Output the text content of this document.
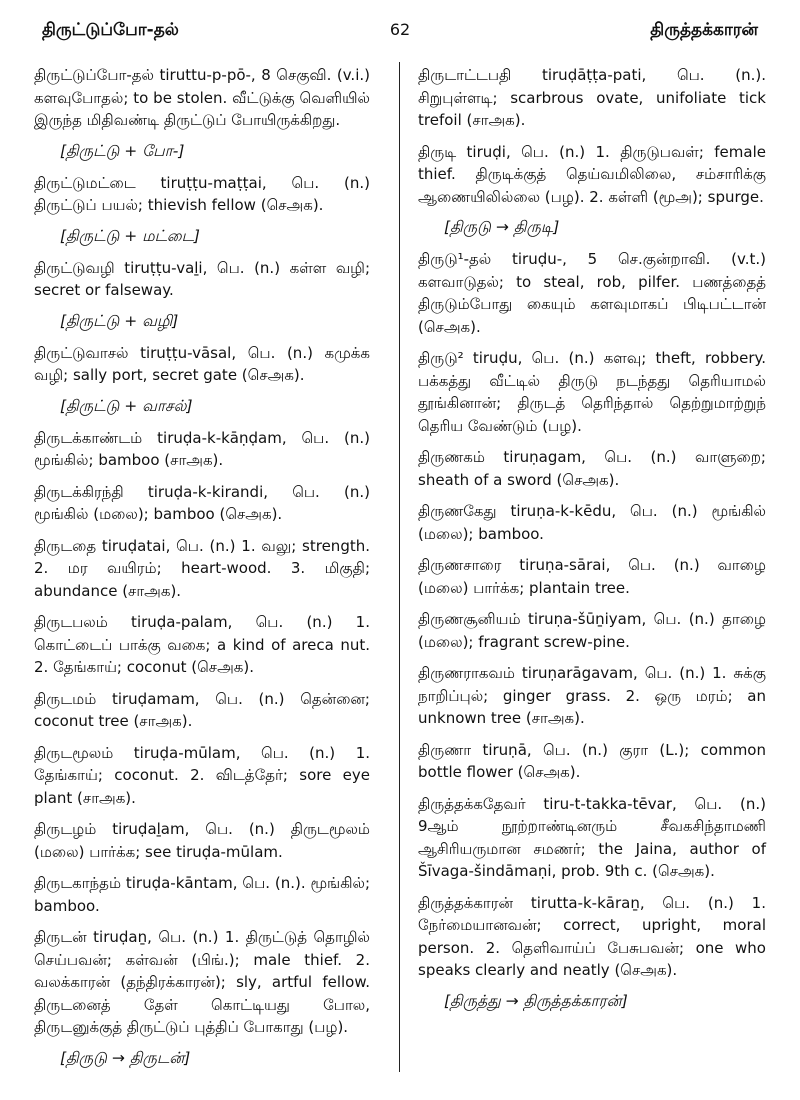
திருட்டுப்போ-தல்	62	திருத்தக்காரன்
திருட்டுப்போ-தல் tiruttu-p-pō-, 8 செகுவி. (v.i.) களவுபோதல்; to be stolen. வீட்டுக்கு வெளியில் இருந்த மிதிவண்டி திருட்டுப் போயிருக்கிறது.
[திருட்டு + போ-]
திருட்டுமட்டை tiruṭṭu-maṭṭai, பெ. (n.) திருட்டுப் பயல்; thievish fellow (செஅக).
[திருட்டு + மட்டை]
திருட்டுவழி tiruṭṭu-vaḻi, பெ. (n.) கள்ள வழி; secret or falseway.
[திருட்டு + வழி]
திருட்டுவாசல் tiruṭṭu-vāsal, பெ. (n.) கமுக்க வழி; sally port, secret gate (செஅக).
[திருட்டு + வாசல்]
திருடக்காண்டம் tiruḍa-k-kāṇḍam, பெ. (n.) மூங்கில்; bamboo (சாஅக).
திருடக்கிரந்தி tiruḍa-k-kirandi, பெ. (n.) மூங்கில் (மலை); bamboo (செஅக).
திருடதை tiruḍatai, பெ. (n.) 1. வலு; strength. 2. மர வயிரம்; heart-wood. 3. மிகுதி; abundance (சாஅக).
திருடபலம் tiruḍa-palam, பெ. (n.) 1. கொட்டைப் பாக்கு வகை; a kind of areca nut. 2. தேங்காய்; coconut (செஅக).
திருடமம் tiruḍamam, பெ. (n.) தென்னை; coconut tree (சாஅக).
திருடமூலம் tiruḍa-mūlam, பெ. (n.) 1. தேங்காய்; coconut. 2. விடத்தேர்; sore eye plant (சாஅக).
திருடழம் tiruḍaḻam, பெ. (n.) திருடமூலம் (மலை) பார்க்க; see tiruḍa-mūlam.
திருடகாந்தம் tiruḍa-kāntam, பெ. (n.). மூங்கில்; bamboo.
திருடன் tiruḍaṉ, பெ. (n.) 1. திருட்டுத் தொழில் செய்பவன்; கள்வன் (பிங்.); male thief. 2. வலக்காரன் (தந்திரக்காரன்); sly, artful fellow. திருடனைத் தேள் கொட்டியது போல, திருடனுக்குத் திருட்டுப் புத்திப் போகாது (பழ).
[திருடு → திருடன்]
திருடாட்டபதி tiruḍāṭṭa-pati, பெ. (n.). சிறுபுள்ளடி; scarbrous ovate, unifoliate tick trefoil (சாஅக).
திருடி tiruḍi, பெ. (n.) 1. திருடுபவள்; female thief. திருடிக்குத் தெய்வமிலிலை, சம்சாரிக்கு ஆணையிலில்லை (பழ). 2. கள்ளி (மூஅ); spurge.
[திருடு → திருடி]
திருடு¹-தல் tiruḍu-, 5 செ.குன்றாவி. (v.t.) களவாடுதல்; to steal, rob, pilfer. பணத்தைத் திருடும்போது கையும் களவுமாகப் பிடிபட்டான் (செஅக).
திருடு² tiruḍu, பெ. (n.) களவு; theft, robbery. பக்கத்து வீட்டில் திருடு நடந்தது தெரியாமல் தூங்கினான்; திருடத் தெரிந்தால் தெற்றுமாற்றுந் தெரிய வேண்டும் (பழ).
திருணகம் tiruṇagam, பெ. (n.) வாளுறை; sheath of a sword (செஅக).
திருணகேது tiruṇa-k-kēdu, பெ. (n.) மூங்கில் (மலை); bamboo.
திருணசாரை tiruṇa-sārai, பெ. (n.) வாழை (மலை) பார்க்க; plantain tree.
திருணசூனியம் tiruṇa-šūṉiyam, பெ. (n.) தாழை (மலை); fragrant screw-pine.
திருணராகவம் tiruṇarāgavam, பெ. (n.) 1. சுக்கு நாறிப்புல்; ginger grass. 2. ஒரு மரம்; an unknown tree (சாஅக).
திருணா tiruṇā, பெ. (n.) குரா (L.); common bottle flower (செஅக).
திருத்தக்கதேவர் tiru-t-takka-tēvar, பெ. (n.) 9ஆம் நூற்றாண்டினரும் சீவகசிந்தாமணி ஆசிரியருமான சமணர்; the Jaina, author of Šīvaga-šindāmaṇi, prob. 9th c. (செஅக).
திருத்தக்காரன் tirutta-k-kāraṉ, பெ. (n.) 1. நேர்மையானவன்; correct, upright, moral person. 2. தெளிவாய்ப் பேசுபவன்; one who speaks clearly and neatly (செஅக).
[திருத்து → திருத்தக்காரன்]
